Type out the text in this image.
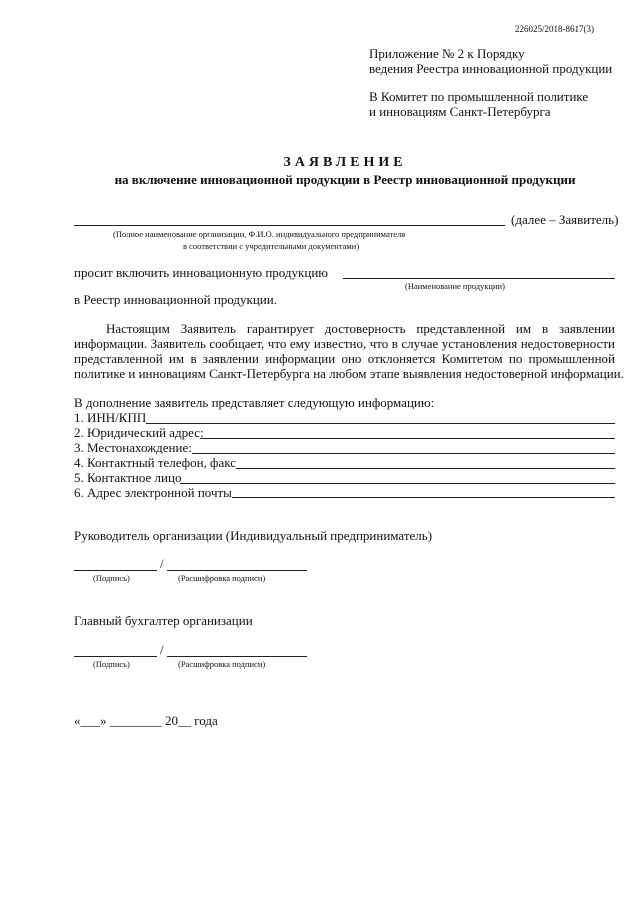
226025/2018-8617(3)
Приложение № 2 к Порядку
ведения Реестра инновационной продукции
В Комитет по промышленной политике
и инновациям Санкт-Петербурга
ЗАЯВЛЕНИЕ
на включение инновационной продукции в Реестр инновационной продукции
(далее – Заявитель)
(Полное наименование организации, Ф.И.О. индивидуального предпринимателя
в соответствии с учредительными документами)
просит включить инновационную продукцию
(Наименование продукции)
в Реестр инновационной продукции.
Настоящим Заявитель гарантирует достоверность представленной им в заявлении
информации. Заявитель сообщает, что ему известно, что в случае установления недостоверности
представленной им в заявлении информации оно отклоняется Комитетом по промышленной
политике и инновациям Санкт-Петербурга на любом этапе выявления недостоверной информации.
В дополнение заявитель представляет следующую информацию:
1. ИНН/КПП
2. Юридический адрес:
3. Местонахождение:
4. Контактный телефон, факс
5. Контактное лицо
6. Адрес электронной почты
Руководитель организации (Индивидуальный предприниматель)
/
(Подпись)	(Расшифровка подписи)
Главный бухгалтер организации
/
(Подпись)	(Расшифровка подписи)
«___» ________ 20__ года
